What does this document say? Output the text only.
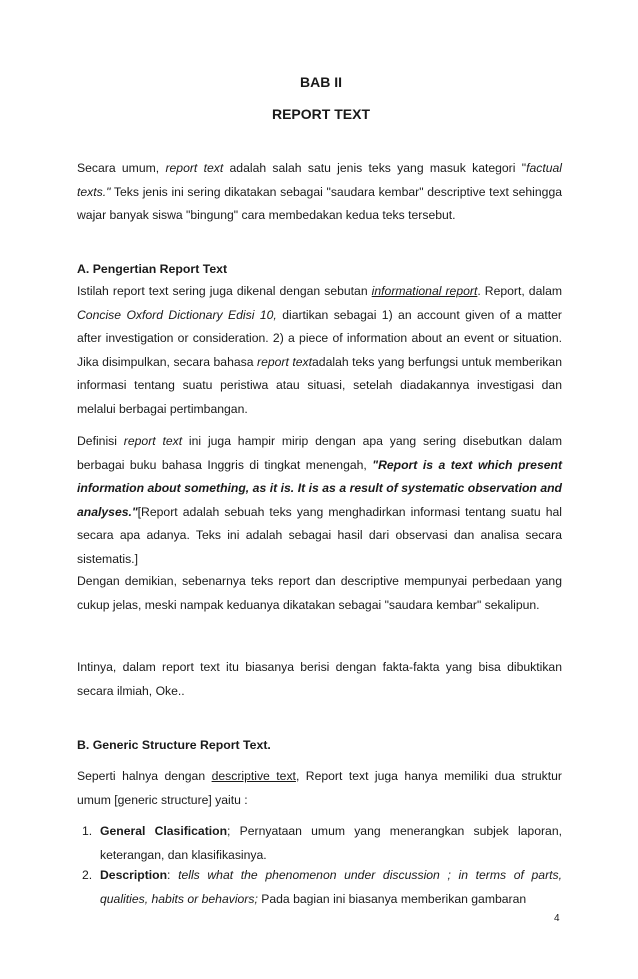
BAB II
REPORT TEXT

Secara umum, report text adalah salah satu jenis teks yang masuk kategori "factual texts." Teks jenis ini sering dikatakan sebagai "saudara kembar" descriptive text sehingga wajar banyak siswa "bingung" cara membedakan kedua teks tersebut.

A. Pengertian Report Text

Istilah report text sering juga dikenal dengan sebutan informational report. Report, dalam Concise Oxford Dictionary Edisi 10, diartikan sebagai 1) an account given of a matter after investigation or consideration. 2) a piece of information about an event or situation. Jika disimpulkan, secara bahasa report textadalah teks yang berfungsi untuk memberikan informasi tentang suatu peristiwa atau situasi, setelah diadakannya investigasi dan melalui berbagai pertimbangan.

Definisi report text ini juga hampir mirip dengan apa yang sering disebutkan dalam berbagai buku bahasa Inggris di tingkat menengah, "Report is a text which present information about something, as it is. It is as a result of systematic observation and analyses."[Report adalah sebuah teks yang menghadirkan informasi tentang suatu hal secara apa adanya. Teks ini adalah sebagai hasil dari observasi dan analisa secara sistematis.]

Dengan demikian, sebenarnya teks report dan descriptive mempunyai perbedaan yang cukup jelas, meski nampak keduanya dikatakan sebagai "saudara kembar" sekalipun.

Intinya, dalam report text itu biasanya berisi dengan fakta-fakta yang bisa dibuktikan secara ilmiah, Oke..

B. Generic Structure Report Text.

Seperti halnya dengan descriptive text, Report text juga hanya memiliki dua struktur umum [generic structure] yaitu :

1. General Clasification; Pernyataan umum yang menerangkan subjek laporan, keterangan, dan klasifikasinya.
2. Description: tells what the phenomenon under discussion ; in terms of parts, qualities, habits or behaviors; Pada bagian ini biasanya memberikan gambaran
4
